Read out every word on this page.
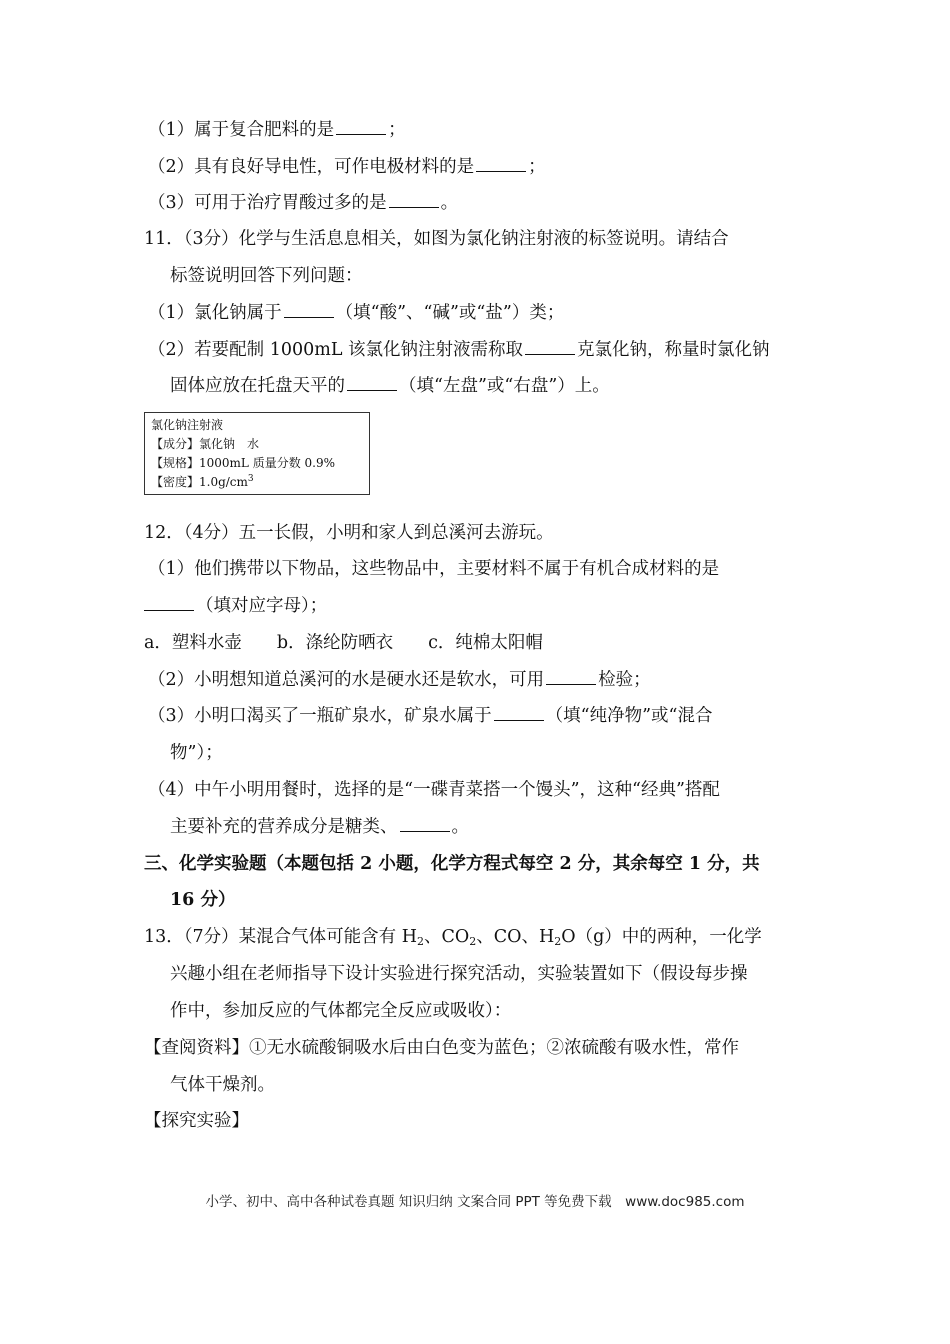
（1）属于复合肥料的是	；
（2）具有良好导电性，可作电极材料的是	；
（3）可用于治疗胃酸过多的是	。
11．（3分）化学与生活息息相关，如图为氯化钠注射液的标签说明。请结合
标签说明回答下列问题：
（1）氯化钠属于	（填“酸”、“碱”或“盐”）类；
（2）若要配制 1000mL 该氯化钠注射液需称取	克氯化钠，称量时氯化钠
固体应放在托盘天平的	（填“左盘”或“右盘”）上。
氯化钠注射液
【成分】氯化钠　水
【规格】1000mL 质量分数 0.9%
【密度】$1.0g/cm^3$
12．（4分）五一长假，小明和家人到总溪河去游玩。
（1）他们携带以下物品，这些物品中，主要材料不属于有机合成材料的是
（填对应字母）；
a．塑料水壶　　b．涤纶防晒衣　　c．纯棉太阳帽
（2）小明想知道总溪河的水是硬水还是软水，可用	检验；
（3）小明口渴买了一瓶矿泉水，矿泉水属于	（填“纯净物”或“混合
物”）；
（4）中午小明用餐时，选择的是“一碟青菜搭一个馒头”，这种“经典”搭配
主要补充的营养成分是糖类、	。
三、化学实验题（本题包括 2 小题，化学方程式每空 2 分，其余每空 1 分，共
16 分）
13．（7分）某混合气体可能含有 $H_2$、$CO_2$、CO、$H_2O(g)$中的两种，一化学
兴趣小组在老师指导下设计实验进行探究活动，实验装置如下（假设每步操
作中，参加反应的气体都完全反应或吸收）：
【查阅资料】①无水硫酸铜吸水后由白色变为蓝色；②浓硫酸有吸水性，常作
气体干燥剂。
【探究实验】
小学、初中、高中各种试卷真题 知识归纳 文案合同 PPT 等免费下载　www.doc985.com
